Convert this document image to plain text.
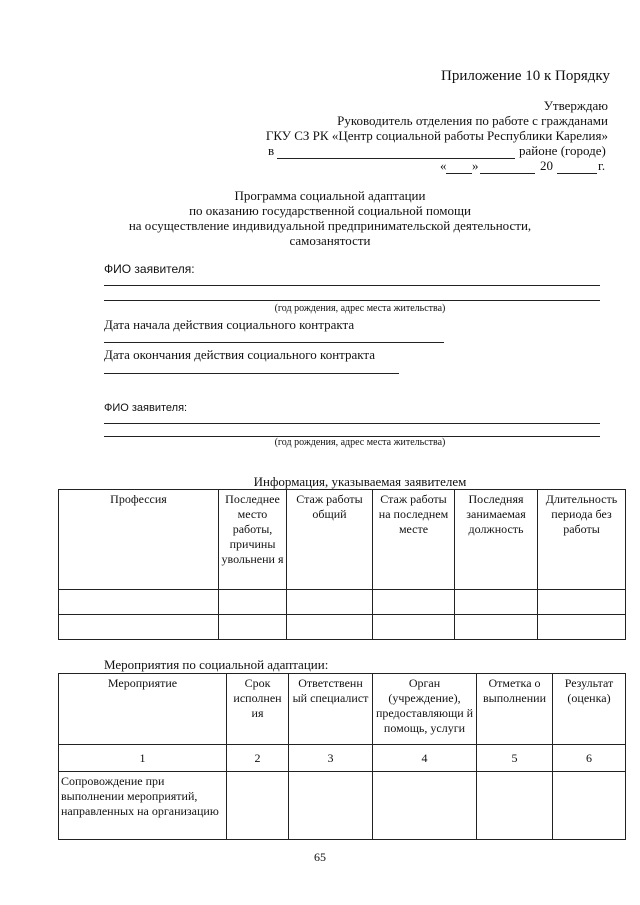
Приложение 10 к Порядку
Утверждаю
Руководитель отделения по работе с гражданами
ГКУ СЗ РК «Центр социальной работы Республики Карелия»
в	районе (городе)
« »	20	г.
Программа социальной адаптации
по оказанию государственной социальной помощи
на осуществление индивидуальной предпринимательской деятельности,
самозанятости
ФИО заявителя:
(год рождения, адрес места жительства)
Дата начала действия социального контракта
Дата окончания действия социального контракта
ФИО заявителя:
(год рождения, адрес места жительства)
Информация, указываемая заявителем
Профессия	Последнее место работы, причины увольнени я	Стаж работы общий	Стаж работы на последнем месте	Последняя занимаемая должность	Длительность периода без работы

Мероприятия по социальной адаптации:
Мероприятие	Срок исполнен ия	Ответственн ый специалист	Орган (учреждение), предоставляющи й помощь, услуги	Отметка о выполнении	Результат (оценка)
1	2	3	4	5	6
Сопровождение при выполнении мероприятий, направленных на организацию					
65
